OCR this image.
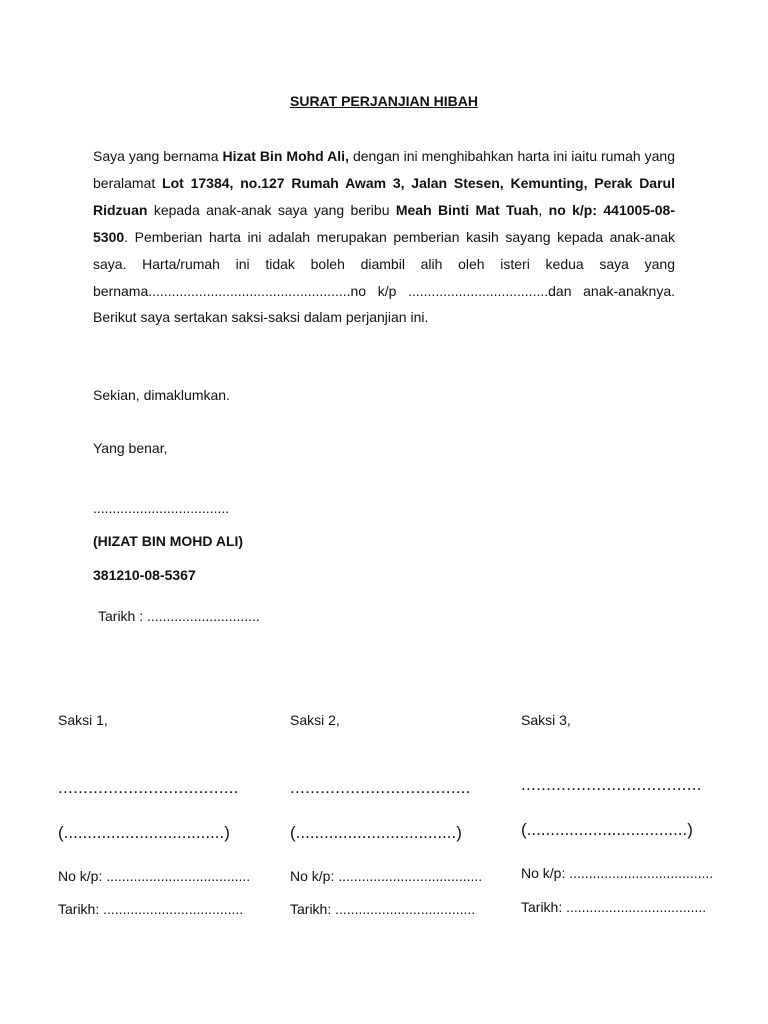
SURAT PERJANJIAN HIBAH
Saya yang bernama Hizat Bin Mohd Ali, dengan ini menghibahkan harta ini iaitu rumah yang beralamat Lot 17384, no.127 Rumah Awam 3, Jalan Stesen, Kemunting, Perak Darul Ridzuan kepada anak-anak saya yang beribu Meah Binti Mat Tuah, no k/p: 441005-08-5300. Pemberian harta ini adalah merupakan pemberian kasih sayang kepada anak-anak saya. Harta/rumah ini tidak boleh diambil alih oleh isteri kedua saya yang bernama....................................................no k/p ....................................dan anak-anaknya. Berikut saya sertakan saksi-saksi dalam perjanjian ini.
Sekian, dimaklumkan.
Yang benar,
...................................
(HIZAT BIN MOHD ALI)
381210-08-5367
Tarikh : .............................
Saksi 1,
....................................
(..................................)
No k/p: .....................................
Tarikh: ....................................
Saksi 2,
....................................
(..................................)
No k/p: .....................................
Tarikh: ....................................
Saksi 3,
....................................
(..................................)
No k/p: .....................................
Tarikh: ....................................
